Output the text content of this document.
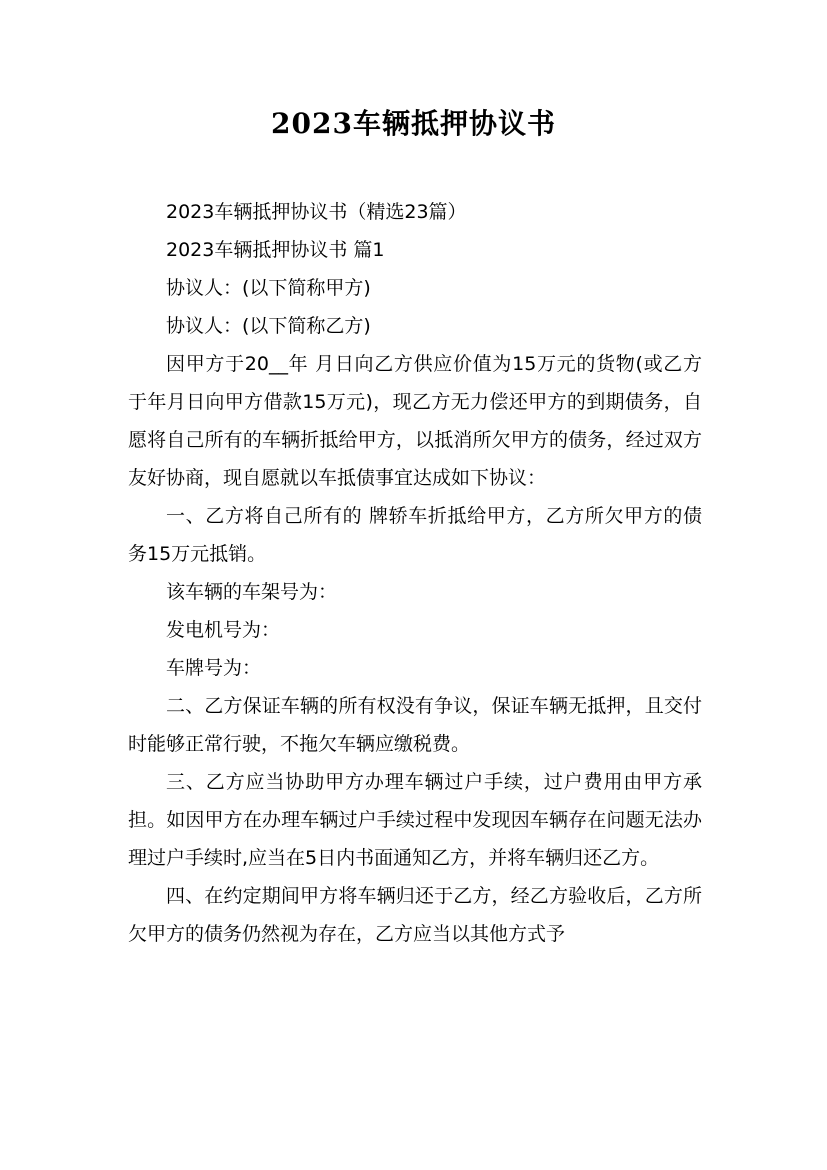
2023车辆抵押协议书

2023车辆抵押协议书（精选23篇）

2023车辆抵押协议书 篇1

协议人：(以下简称甲方)

协议人：(以下简称乙方)

因甲方于20__年 月日向乙方供应价值为15万元的货物(或乙方于年月日向甲方借款15万元)，现乙方无力偿还甲方的到期债务，自愿将自己所有的车辆折抵给甲方，以抵消所欠甲方的债务，经过双方友好协商，现自愿就以车抵债事宜达成如下协议：

一、乙方将自己所有的 牌轿车折抵给甲方，乙方所欠甲方的债务15万元抵销。

该车辆的车架号为：

发电机号为：

车牌号为：

二、乙方保证车辆的所有权没有争议，保证车辆无抵押，且交付时能够正常行驶，不拖欠车辆应缴税费。

三、乙方应当协助甲方办理车辆过户手续，过户费用由甲方承担。如因甲方在办理车辆过户手续过程中发现因车辆存在问题无法办理过户手续时,应当在5日内书面通知乙方，并将车辆归还乙方。

四、在约定期间甲方将车辆归还于乙方，经乙方验收后，乙方所欠甲方的债务仍然视为存在，乙方应当以其他方式予
